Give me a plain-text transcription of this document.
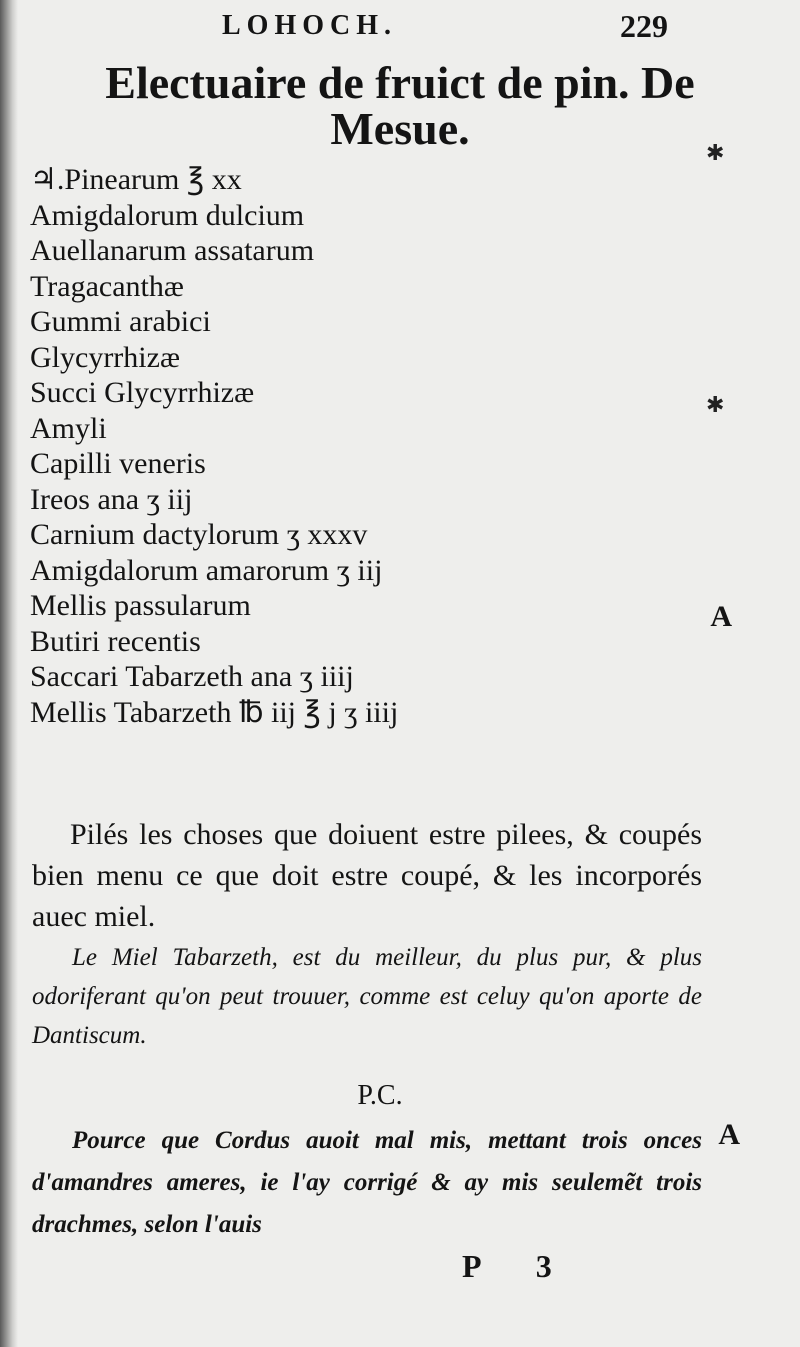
LOHOCH.	229
Electuaire de fruict de pin. De
Mesue.
♃.Pinearum ℥ xx
Amigdalorum dulcium
Auellanarum assatarum
Tragacanthæ
Gummi arabici
Glycyrrhizæ
Succi Glycyrrhizæ
Amyli
Capilli veneris
Ireos ana ʒ iij
Carnium dactylorum ʒ xxxv
Amigdalorum amarorum ʒ iij
Mellis passularum
Butiri recentis
Saccari Tabarzeth ana ʒ iiij
Mellis Tabarzeth ℔ iij ℥ j ʒ iiij
A

Pilés les choses que doiuent estre pilees, & coupés bien menu ce que doit estre coupé, & les incorporés auec miel.

Le Miel Tabarzeth, est du meilleur, du plus pur, & plus odoriferant qu'on peut trouuer, comme est celuy qu'on aporte de Dantiscum.

P.C.

Pource que Cordus auoit mal mis, mettant trois onces d'amandres ameres, ie l'ay corrigé & ay mis seulemẽt trois drachmes, selon l'auis

A
P 3
✱
✱
